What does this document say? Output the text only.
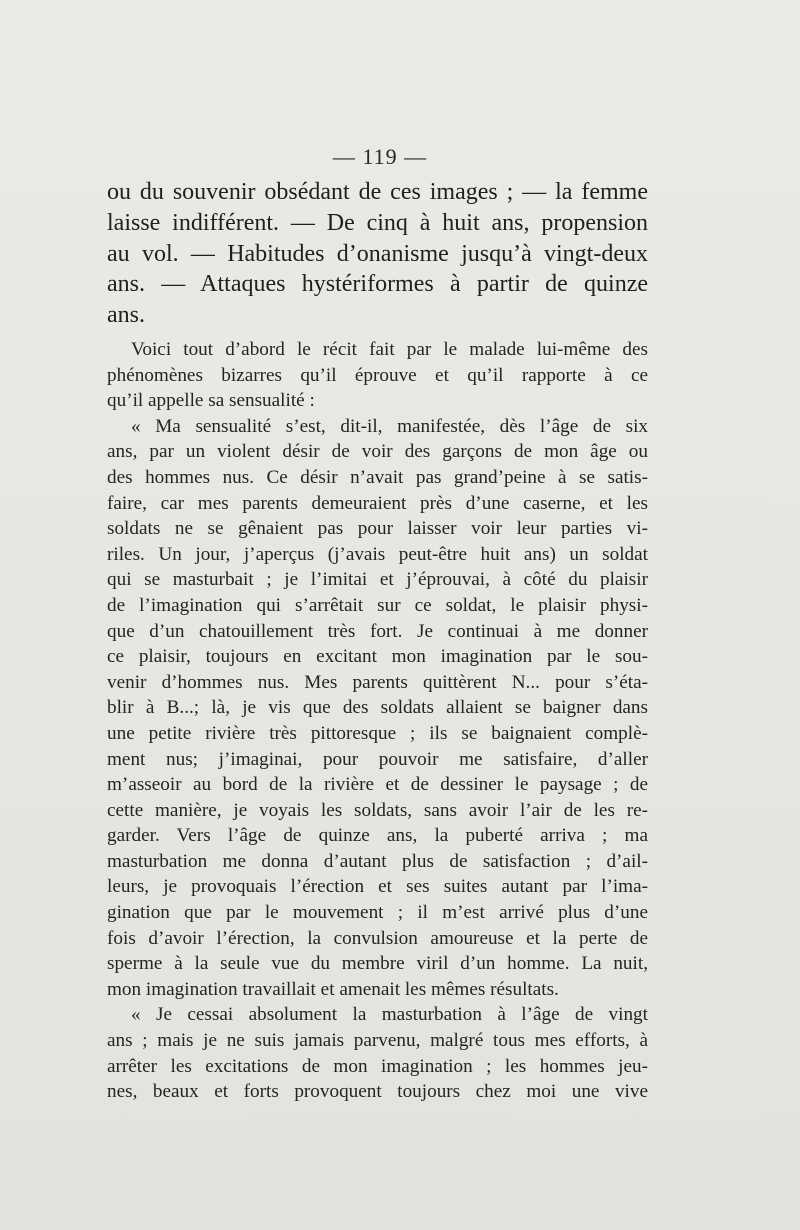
— 119 —
ou du souvenir obsédant de ces images ; — la femme
laisse indifférent. — De cinq à huit ans, propension
au vol. — Habitudes d’onanisme jusqu’à vingt-deux
ans. — Attaques hystériformes à partir de quinze
ans.
Voici tout d’abord le récit fait par le malade lui-même des
phénomènes bizarres qu’il éprouve et qu’il rapporte à ce
qu’il appelle sa sensualité :
« Ma sensualité s’est, dit-il, manifestée, dès l’âge de six
ans, par un violent désir de voir des garçons de mon âge ou
des hommes nus. Ce désir n’avait pas grand’peine à se satis-
faire, car mes parents demeuraient près d’une caserne, et les
soldats ne se gênaient pas pour laisser voir leur parties vi-
riles. Un jour, j’aperçus (j’avais peut-être huit ans) un soldat
qui se masturbait ; je l’imitai et j’éprouvai, à côté du plaisir
de l’imagination qui s’arrêtait sur ce soldat, le plaisir physi-
que d’un chatouillement très fort. Je continuai à me donner
ce plaisir, toujours en excitant mon imagination par le sou-
venir d’hommes nus. Mes parents quittèrent N... pour s’éta-
blir à B...; là, je vis que des soldats allaient se baigner dans
une petite rivière très pittoresque ; ils se baignaient complè-
ment nus; j’imaginai, pour pouvoir me satisfaire, d’aller
m’asseoir au bord de la rivière et de dessiner le paysage ; de
cette manière, je voyais les soldats, sans avoir l’air de les re-
garder. Vers l’âge de quinze ans, la puberté arriva ; ma
masturbation me donna d’autant plus de satisfaction ; d’ail-
leurs, je provoquais l’érection et ses suites autant par l’ima-
gination que par le mouvement ; il m’est arrivé plus d’une
fois d’avoir l’érection, la convulsion amoureuse et la perte de
sperme à la seule vue du membre viril d’un homme. La nuit,
mon imagination travaillait et amenait les mêmes résultats.
« Je cessai absolument la masturbation à l’âge de vingt
ans ; mais je ne suis jamais parvenu, malgré tous mes efforts, à
arrêter les excitations de mon imagination ; les hommes jeu-
nes, beaux et forts provoquent toujours chez moi une vive
